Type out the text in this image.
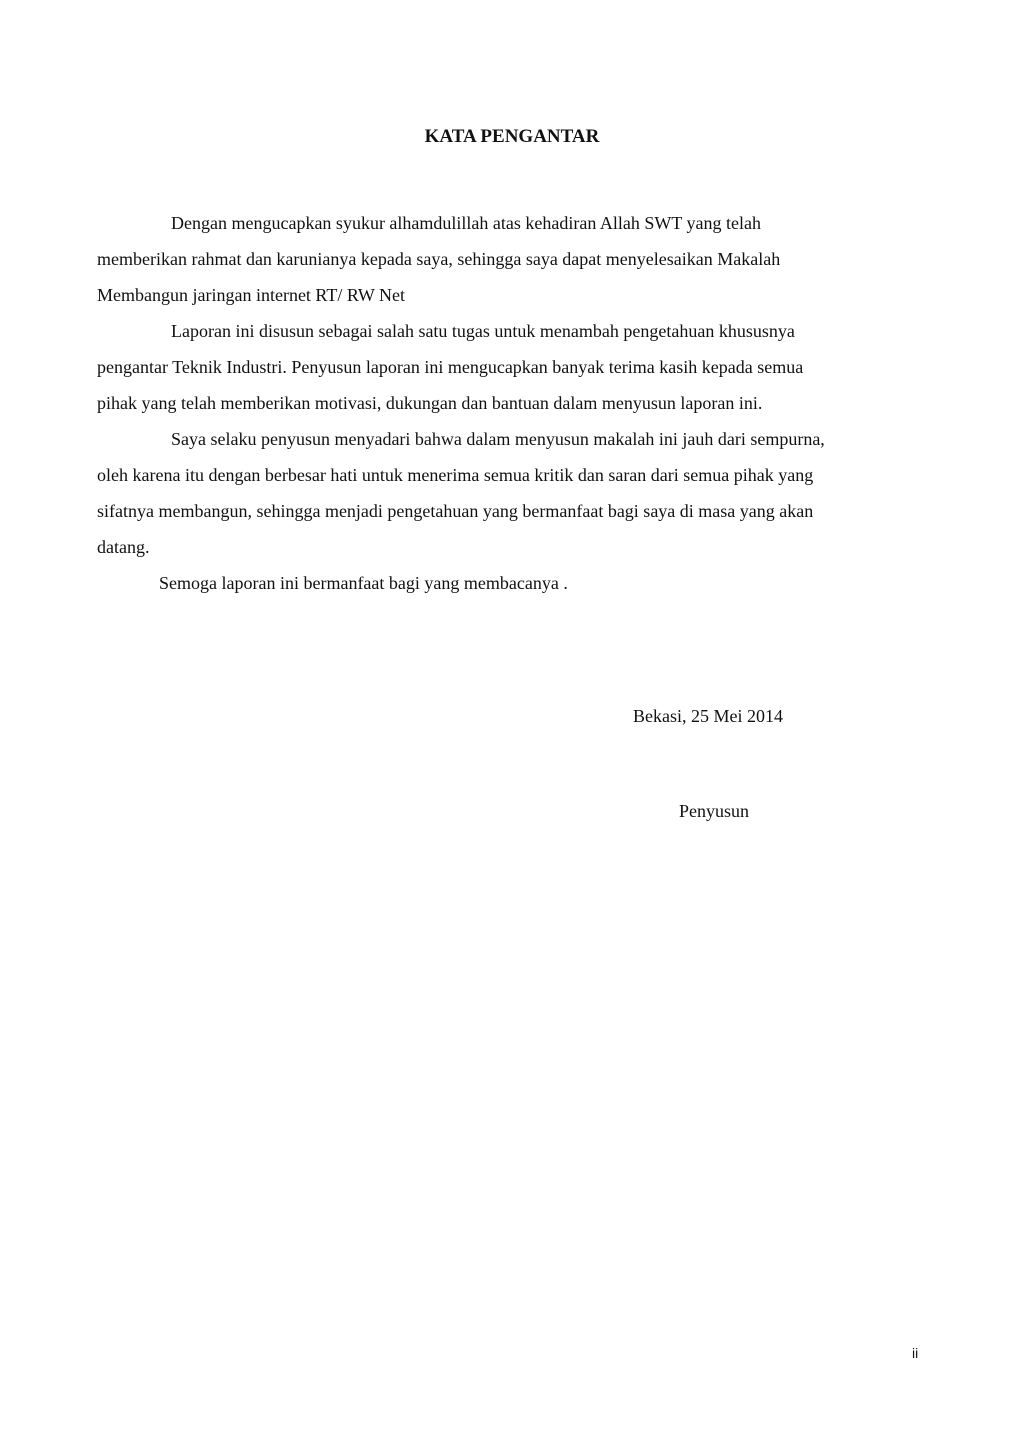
KATA PENGANTAR

Dengan mengucapkan syukur alhamdulillah atas kehadiran Allah SWT yang telah
memberikan rahmat dan karunianya kepada saya, sehingga saya dapat menyelesaikan Makalah
Membangun jaringan internet RT/ RW Net

Laporan ini disusun sebagai salah satu tugas untuk menambah pengetahuan khususnya
pengantar Teknik Industri. Penyusun laporan ini mengucapkan banyak terima kasih kepada semua
pihak yang telah memberikan motivasi, dukungan dan bantuan dalam menyusun laporan ini.

Saya selaku penyusun menyadari bahwa dalam menyusun makalah ini jauh dari sempurna,
oleh karena itu dengan berbesar hati untuk menerima semua kritik dan saran dari semua pihak yang
sifatnya membangun, sehingga menjadi pengetahuan yang bermanfaat bagi saya di masa yang akan
datang.

Semoga laporan ini bermanfaat bagi yang membacanya .

Bekasi, 25 Mei 2014
Penyusun
ii
